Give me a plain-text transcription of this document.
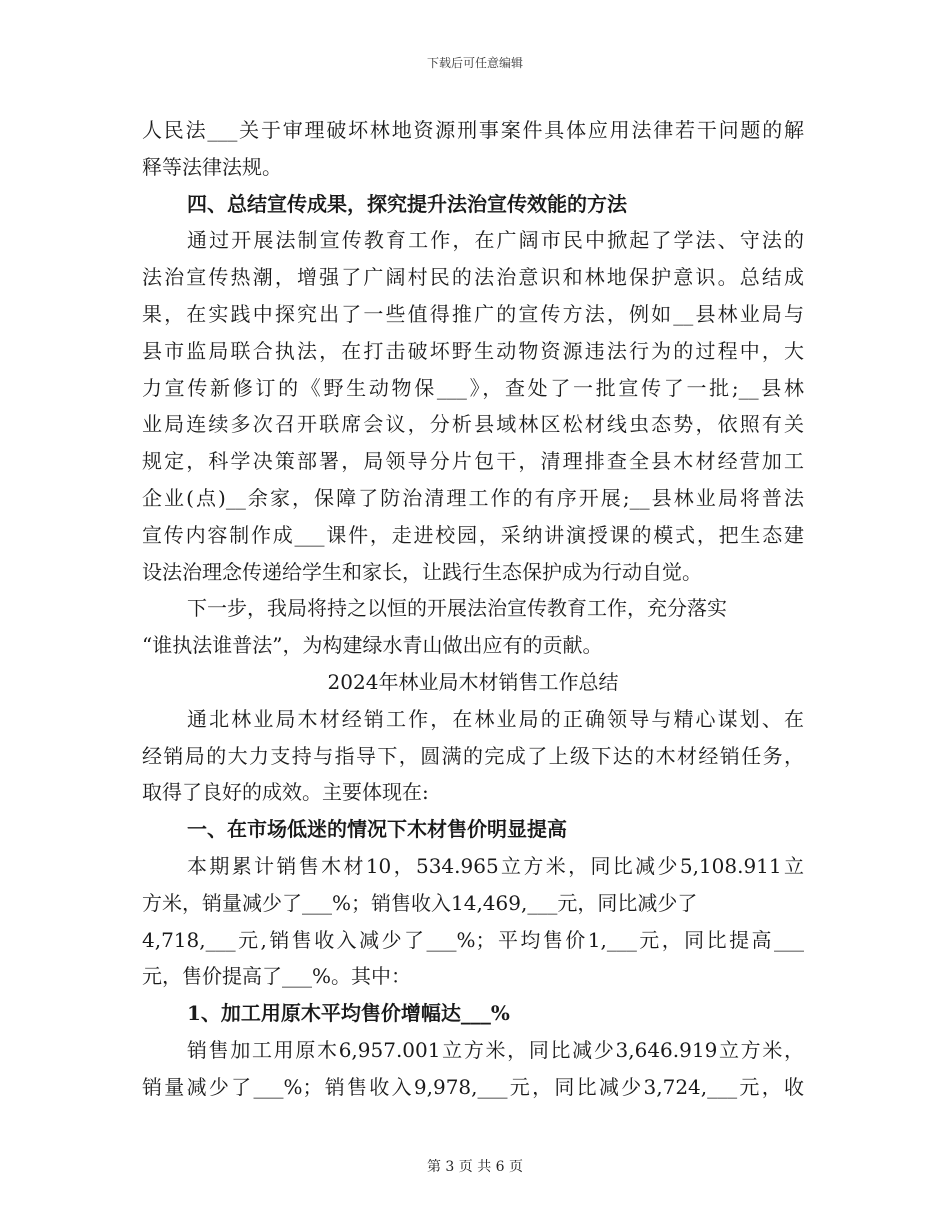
下载后可任意编辑
人民法___关于审理破坏林地资源刑事案件具体应用法律若干问题的解
释等法律法规。
四、总结宣传成果，探究提升法治宣传效能的方法
通过开展法制宣传教育工作，在广阔市民中掀起了学法、守法的
法治宣传热潮，增强了广阔村民的法治意识和林地保护意识。总结成
果，在实践中探究出了一些值得推广的宣传方法，例如__县林业局与
县市监局联合执法，在打击破坏野生动物资源违法行为的过程中，大
力宣传新修订的《野生动物保___》，查处了一批宣传了一批;__县林
业局连续多次召开联席会议，分析县域林区松材线虫态势，依照有关
规定，科学决策部署，局领导分片包干，清理排查全县木材经营加工
企业(点)__余家，保障了防治清理工作的有序开展;__县林业局将普法
宣传内容制作成___课件，走进校园，采纳讲演授课的模式，把生态建
设法治理念传递给学生和家长，让践行生态保护成为行动自觉。
下一步，我局将持之以恒的开展法治宣传教育工作，充分落实
“谁执法谁普法”，为构建绿水青山做出应有的贡献。
2024年林业局木材销售工作总结
通北林业局木材经销工作，在林业局的正确领导与精心谋划、在
经销局的大力支持与指导下，圆满的完成了上级下达的木材经销任务，
取得了良好的成效。主要体现在:
一、在市场低迷的情况下木材售价明显提高
本期累计销售木材10，534.965立方米，同比减少5,108.911立
方米，销量减少了___%；销售收入14,469,___元，同比减少了
4,718,___元,销售收入减少了___%；平均售价1,___元，同比提高___
元，售价提高了___%。其中：
1、加工用原木平均售价增幅达___%
销售加工用原木6,957.001立方米，同比减少3,646.919立方米，
销量减少了___%；销售收入9,978,___元，同比减少3,724,___元，收
第 3 页 共 6 页
